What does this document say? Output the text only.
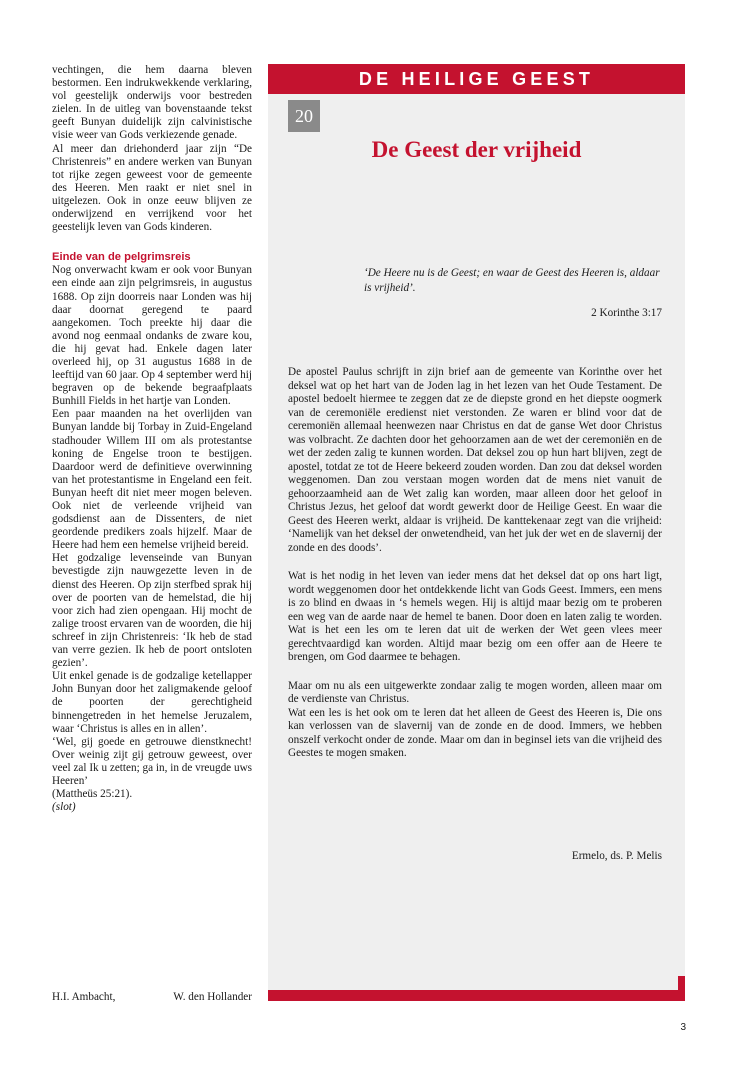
vechtingen, die hem daarna bleven bestormen. Een indrukwekkende verklaring, vol geestelijk onderwijs voor bestreden zielen. In de uitleg van bovenstaande tekst geeft Bunyan duidelijk zijn calvinistische visie weer van Gods verkiezende genade.

Al meer dan driehonderd jaar zijn “De Christenreis” en andere werken van Bunyan tot rijke zegen geweest voor de gemeente des Heeren. Men raakt er niet snel in uitgelezen. Ook in onze eeuw blijven ze onderwijzend en verrijkend voor het geestelijk leven van Gods kinderen.

Einde van de pelgrimsreis

Nog onverwacht kwam er ook voor Bunyan een einde aan zijn pelgrimsreis, in augustus 1688. Op zijn doorreis naar Londen was hij daar doornat geregend te paard aangekomen. Toch preekte hij daar die avond nog eenmaal ondanks de zware kou, die hij gevat had. Enkele dagen later overleed hij, op 31 augustus 1688 in de leeftijd van 60 jaar. Op 4 september werd hij begraven op de bekende begraafplaats Bunhill Fields in het hartje van Londen.

Een paar maanden na het overlijden van Bunyan landde bij Torbay in Zuid-Engeland stadhouder Willem III om als protestantse koning de Engelse troon te bestijgen. Daardoor werd de definitieve overwinning van het protestantisme in Engeland een feit. Bunyan heeft dit niet meer mogen beleven. Ook niet de verleende vrijheid van godsdienst aan de Dissenters, de niet geordende predikers zoals hijzelf. Maar de Heere had hem een hemelse vrijheid bereid.

Het godzalige levenseinde van Bunyan bevestigde zijn nauwgezette leven in de dienst des Heeren. Op zijn sterfbed sprak hij over de poorten van de hemelstad, die hij voor zich had zien opengaan. Hij mocht de zalige troost ervaren van de woorden, die hij schreef in zijn Christenreis: ‘Ik heb de stad van verre gezien. Ik heb de poort ontsloten gezien’.

Uit enkel genade is de godzalige ketellapper John Bunyan door het zaligmakende geloof de poorten der gerechtigheid binnengetreden in het hemelse Jeruzalem, waar ‘Christus is alles en in allen’.

‘Wel, gij goede en getrouwe dienstknecht! Over weinig zijt gij getrouw geweest, over veel zal Ik u zetten; ga in, in de vreugde uws Heeren’

(Mattheüs 25:21).

(slot)

H.I. Ambacht,	W. den Hollander
DE HEILIGE GEEST
20
De Geest der vrijheid

‘De Heere nu is de Geest; en waar de Geest des Heeren is, aldaar is vrijheid’.

2 Korinthe 3:17

De apostel Paulus schrijft in zijn brief aan de gemeente van Korinthe over het deksel wat op het hart van de Joden lag in het lezen van het Oude Testament. De apostel bedoelt hiermee te zeggen dat ze de diepste grond en het diepste oogmerk van de ceremoniële eredienst niet verstonden. Ze waren er blind voor dat de ceremoniën allemaal heenwezen naar Christus en dat de ganse Wet door Christus was volbracht. Ze dachten door het gehoorzamen aan de wet der ceremoniën en de wet der zeden zalig te kunnen worden. Dat deksel zou op hun hart blijven, zegt de apostel, totdat ze tot de Heere bekeerd zouden worden. Dan zou dat deksel worden weggenomen. Dan zou verstaan mogen worden dat de mens niet vanuit de gehoorzaamheid aan de Wet zalig kan worden, maar alleen door het geloof in Christus Jezus, het geloof dat wordt gewerkt door de Heilige Geest. En waar die Geest des Heeren werkt, aldaar is vrijheid. De kanttekenaar zegt van die vrijheid: ‘Namelijk van het deksel der onwetendheid, van het juk der wet en de slavernij der zonde en des doods’.

Wat is het nodig in het leven van ieder mens dat het deksel dat op ons hart ligt, wordt weggenomen door het ontdekkende licht van Gods Geest. Immers, een mens is zo blind en dwaas in ‘s hemels wegen. Hij is altijd maar bezig om te proberen een weg van de aarde naar de hemel te banen. Door doen en laten zalig te worden. Wat is het een les om te leren dat uit de werken der Wet geen vlees meer gerechtvaardigd kan worden. Altijd maar bezig om een offer aan de Heere te brengen, om God daarmee te behagen.

Maar om nu als een uitgewerkte zondaar zalig te mogen worden, alleen maar om de verdienste van Christus.

Wat een les is het ook om te leren dat het alleen de Geest des Heeren is, Die ons kan verlossen van de slavernij van de zonde en de dood. Immers, we hebben onszelf verkocht onder de zonde. Maar om dan in beginsel iets van die vrijheid des Geestes te mogen smaken.

Ermelo, ds. P. Melis

3
